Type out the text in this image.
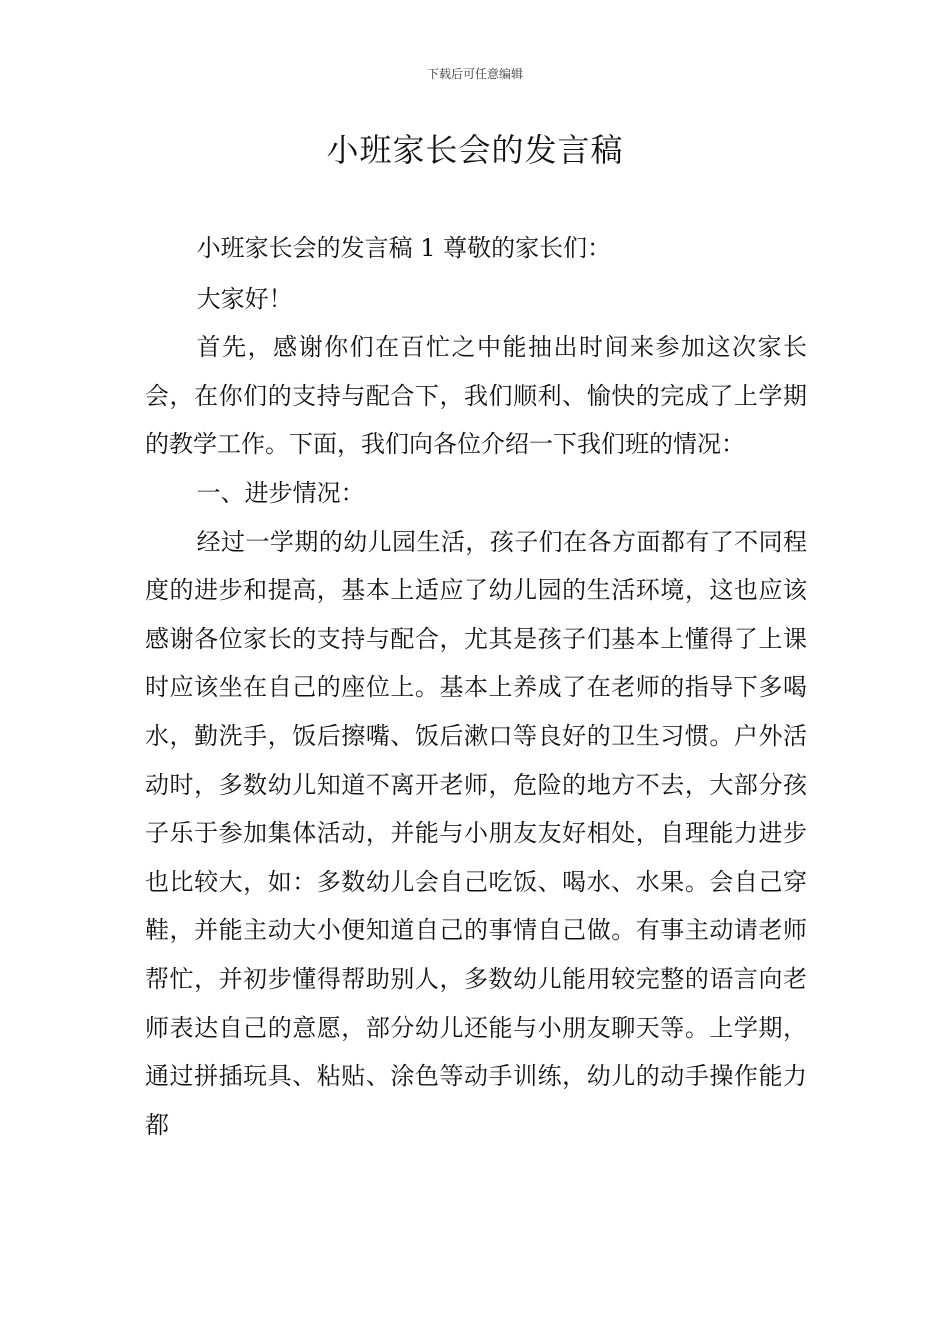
下载后可任意编辑
小班家长会的发言稿

小班家长会的发言稿 1 尊敬的家长们：

大家好！

首先，感谢你们在百忙之中能抽出时间来参加这次家长会，在你们的支持与配合下，我们顺利、愉快的完成了上学期的教学工作。下面，我们向各位介绍一下我们班的情况：

一、进步情况：

经过一学期的幼儿园生活，孩子们在各方面都有了不同程度的进步和提高，基本上适应了幼儿园的生活环境，这也应该感谢各位家长的支持与配合，尤其是孩子们基本上懂得了上课时应该坐在自己的座位上。基本上养成了在老师的指导下多喝水，勤洗手，饭后擦嘴、饭后漱口等良好的卫生习惯。户外活动时，多数幼儿知道不离开老师，危险的地方不去，大部分孩子乐于参加集体活动，并能与小朋友友好相处，自理能力进步也比较大，如：多数幼儿会自己吃饭、喝水、水果。会自己穿鞋，并能主动大小便知道自己的事情自己做。有事主动请老师帮忙，并初步懂得帮助别人，多数幼儿能用较完整的语言向老师表达自己的意愿，部分幼儿还能与小朋友聊天等。上学期，通过拼插玩具、粘贴、涂色等动手训练，幼儿的动手操作能力都
